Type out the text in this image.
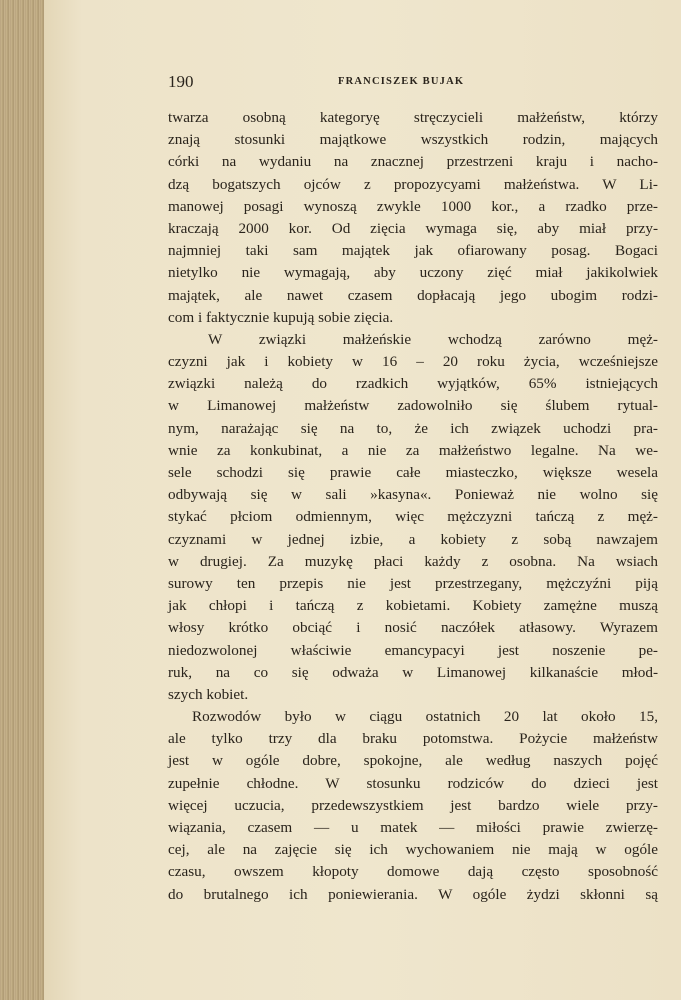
190	FRANCISZEK BUJAK
twarza osobną kategoryę stręczycieli małżeństw, którzy
znają stosunki majątkowe wszystkich rodzin, mających
córki na wydaniu na znacznej przestrzeni kraju i nacho-
dzą bogatszych ojców z propozycyami małżeństwa. W Li-
manowej posagi wynoszą zwykle 1000 kor., a rzadko prze-
kraczają 2000 kor. Od zięcia wymaga się, aby miał przy-
najmniej taki sam majątek jak ofiarowany posag. Bogaci
nietylko nie wymagają, aby uczony zięć miał jakikolwiek
majątek, ale nawet czasem dopłacają jego ubogim rodzi-
com i faktycznie kupują sobie zięcia.
W związki małżeńskie wchodzą zarówno męż-
czyzni jak i kobiety w 16 – 20 roku życia, wcześniejsze
związki należą do rzadkich wyjątków, 65% istniejących
w Limanowej małżeństw zadowolniło się ślubem rytual-
nym, narażając się na to, że ich związek uchodzi pra-
wnie za konkubinat, a nie za małżeństwo legalne. Na we-
sele schodzi się prawie całe miasteczko, większe wesela
odbywają się w sali »kasyna«. Ponieważ nie wolno się
stykać płciom odmiennym, więc mężczyzni tańczą z męż-
czyznami w jednej izbie, a kobiety z sobą nawzajem
w drugiej. Za muzykę płaci każdy z osobna. Na wsiach
surowy ten przepis nie jest przestrzegany, mężczyźni piją
jak chłopi i tańczą z kobietami. Kobiety zamężne muszą
włosy krótko obciąć i nosić naczółek atłasowy. Wyrazem
niedozwolonej właściwie emancypacyi jest noszenie pe-
ruk, na co się odważa w Limanowej kilkanaście młod-
szych kobiet.
Rozwodów było w ciągu ostatnich 20 lat około 15,
ale tylko trzy dla braku potomstwa. Pożycie małżeństw
jest w ogóle dobre, spokojne, ale według naszych pojęć
zupełnie chłodne. W stosunku rodziców do dzieci jest
więcej uczucia, przedewszystkiem jest bardzo wiele przy-
wiązania, czasem — u matek — miłości prawie zwierzę-
cej, ale na zajęcie się ich wychowaniem nie mają w ogóle
czasu, owszem kłopoty domowe dają często sposobność
do brutalnego ich poniewierania. W ogóle żydzi skłonni są
